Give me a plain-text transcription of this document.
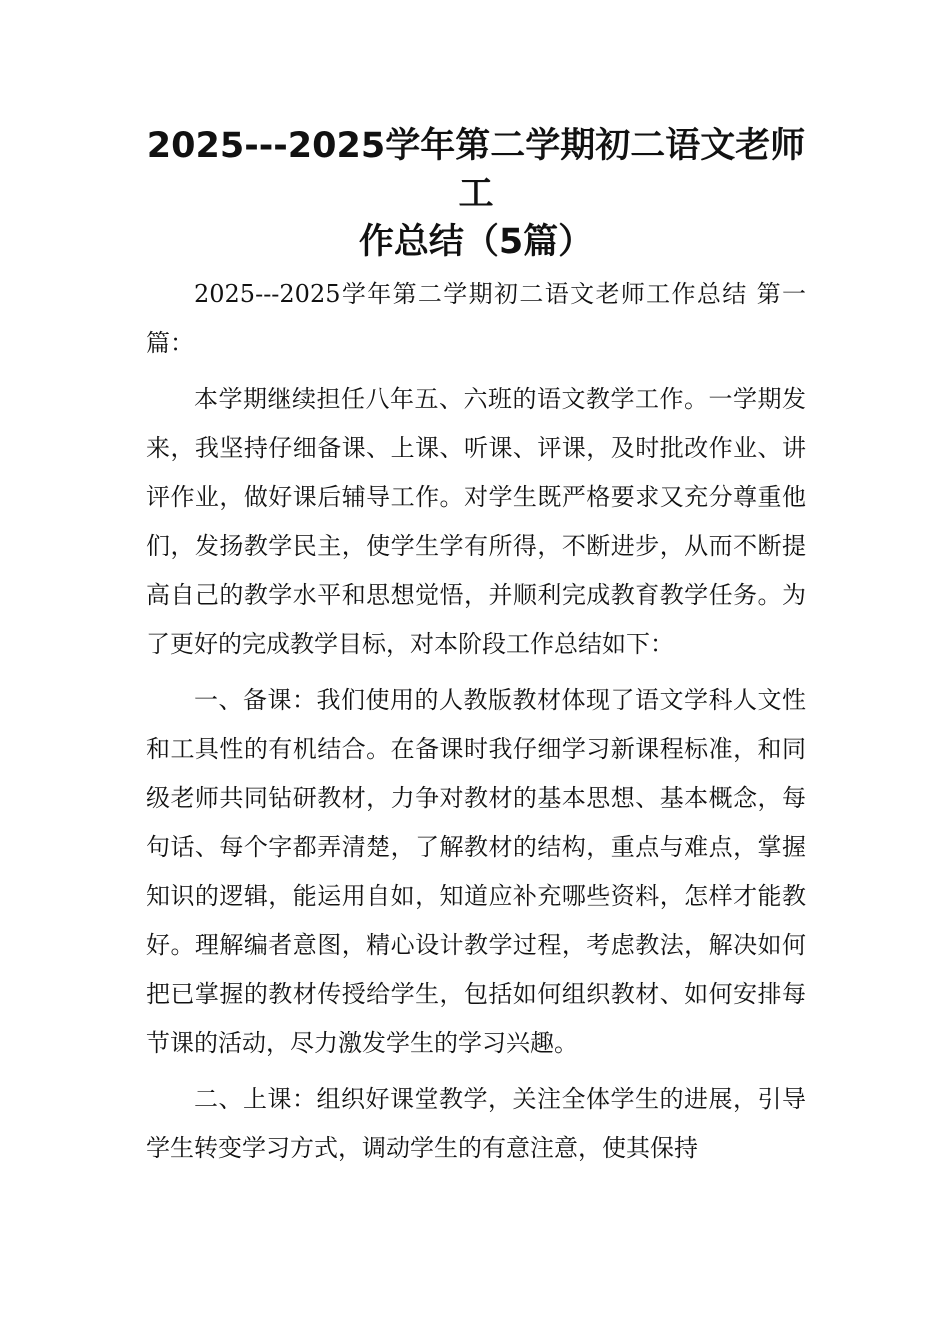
2025---2025学年第二学期初二语文老师工
作总结（5篇）

2025---2025学年第二学期初二语文老师工作总结 第一篇：

本学期继续担任八年五、六班的语文教学工作。一学期发来，我坚持仔细备课、上课、听课、评课，及时批改作业、讲评作业，做好课后辅导工作。对学生既严格要求又充分尊重他们，发扬教学民主，使学生学有所得，不断进步，从而不断提高自己的教学水平和思想觉悟，并顺利完成教育教学任务。为了更好的完成教学目标，对本阶段工作总结如下：

一、备课：我们使用的人教版教材体现了语文学科人文性和工具性的有机结合。在备课时我仔细学习新课程标准，和同级老师共同钻研教材，力争对教材的基本思想、基本概念，每句话、每个字都弄清楚，了解教材的结构，重点与难点，掌握知识的逻辑，能运用自如，知道应补充哪些资料，怎样才能教好。理解编者意图，精心设计教学过程，考虑教法，解决如何把已掌握的教材传授给学生，包括如何组织教材、如何安排每节课的活动，尽力激发学生的学习兴趣。

二、上课：组织好课堂教学，关注全体学生的进展，引导学生转变学习方式，调动学生的有意注意，使其保持
